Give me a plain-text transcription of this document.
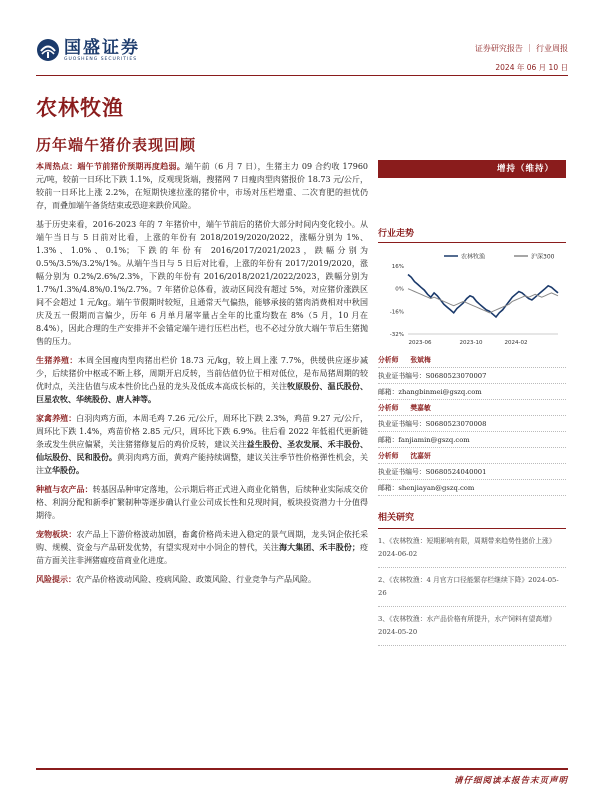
国盛证券
GUOSHENG SECURITIES
证券研究报告 ｜ 行业周报
2024 年 06 月 10 日
农林牧渔
历年端午猪价表现回顾

本周热点：端午节前猪价预期再度趋弱。端午前（6 月 7 日），生猪主力 09 合约收 17960 元/吨，较前一日环比下跌 1.1%，反观现货端，搜猪网 7 日瘦肉型肉猪报价 18.73 元/公斤，较前一日环比上涨 2.2%，在短期快速拉涨的猪价中，市场对压栏增重、二次育肥的担忧仍存，而叠加端午备货结束或恐迎来跌价风险。

基于历史来看，2016-2023 年的 7 年猪价中，端午节前后的猪价大部分时间内变化较小。从端午当日与 5 日前对比看，上涨的年份有 2018/2019/2020/2022，涨幅分别为 1%、1.3%、1.0%、0.1%；下跌的年份有 2016/2017/2021/2023，跌幅分别为 0.5%/3.5%/3.2%/1%。从端午当日与 5 日后对比看，上涨的年份有 2017/2019/2020，涨幅分别为 0.2%/2.6%/2.3%，下跌的年份有 2016/2018/2021/2022/2023，跌幅分别为 1.7%/1.3%/4.8%/0.1%/2.7%。7 年猪价总体看，波动区间没有超过 5%，对应猪价涨跌区间不会超过 1 元/kg。端午节假期时较短，且通常天气偏热，能够承接的猪肉消费相对中秋国庆及五一假期而言偏少，历年 6 月单月屠宰量占全年的比重均数在 8%（5 月，10 月在 8.4%），因此合理的生产安排并不会锚定端午进行压栏出栏，也不必过分放大端午节后生猪抛售的压力。

生猪养殖：本周全国瘦肉型肉猪出栏价 18.73 元/kg，较上周上涨 7.7%，供缓供应逐步减少，后续猪价中枢或不断上移，周期开启反转，当前估值仍位于相对低位，是布局猪周期的较优时点，关注估值与成本性价比凸显的龙头及低成本高成长标的，关注牧原股份、温氏股份、巨星农牧、华统股份、唐人神等。

家禽养殖：白羽肉鸡方面，本周毛鸡 7.26 元/公斤，周环比下跌 2.3%，鸡苗 9.27 元/公斤，周环比下跌 1.4%，鸡苗价格 2.85 元/只，周环比下跌 6.9%。往后看 2022 年低祖代更新链条或发生供应偏紧，关注猪猪修复后的鸡价反转，建议关注益生股份、圣农发展、禾丰股份、仙坛股份、民和股份。黄羽肉鸡方面，黄鸡产能持续调整，建议关注季节性价格弹性机会，关注立华股份。

种植与农产品：转基因品种审定落地，公示期后将正式进入商业化销售，后续种业实际成交价格、利润分配和新季扩繁制种等逐步确认行业公司成长性和兑现时间，板块投资潜力十分值得期待。

宠物板块：农产品上下游价格波动加剧，畜禽价格尚未进入稳定的景气周期，龙头饲企依托采购、规模、资金与产品研发优势，有望实现对中小饲企的替代，关注海大集团、禾丰股份；疫苗方面关注非洲猪瘟疫苗商业化进度。

风险提示：农产品价格波动风险、疫病风险、政策风险、行业竞争与产品风险。

增持（维持）
行业走势
农林牧渔	沪深300
16%
0%
-16%
-32%
2023-06	2023-10	2024-02
分析师 张斌梅
执业证书编号：S0680523070007
邮箱：zhangbinmei@gszq.com
分析师 樊嘉敏
执业证书编号：S0680523070008
邮箱：fanjiamin@gszq.com
分析师 沈嘉妍
执业证书编号：S0680524040001
邮箱：shenjiayan@gszq.com
相关研究
1、《农林牧渔：短期影响有限，周期带来趋势性猪价上涨》2024-06-02
2、《农林牧渔：4 月官方口径能繁存栏继续下降》2024-05-26
3、《农林牧渔：水产品价格有所提升，水产饲料有望高增》2024-05-20
请仔细阅读本报告末页声明
